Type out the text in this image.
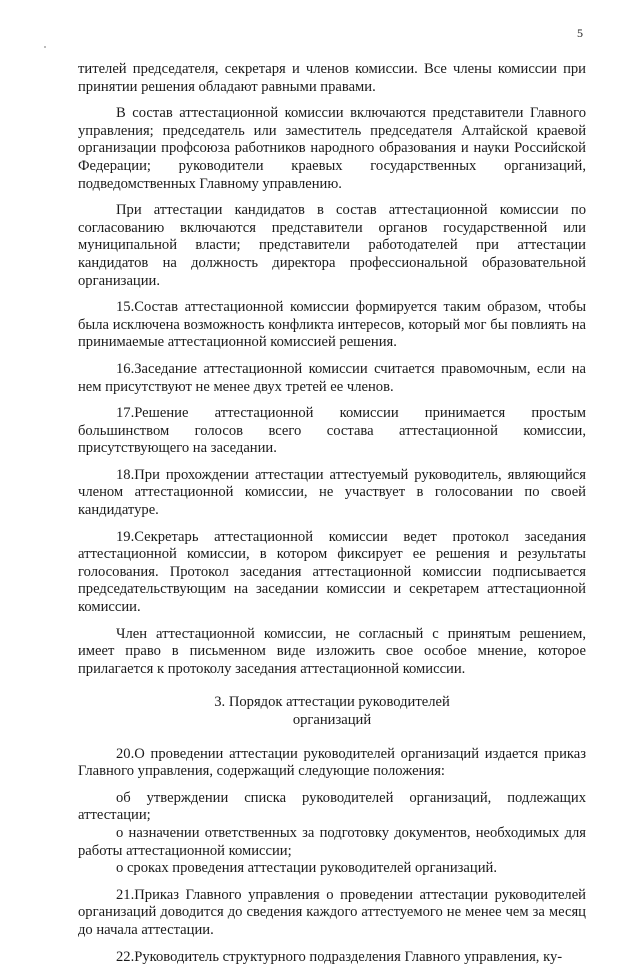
5

тителей председателя, секретаря и членов комиссии. Все члены комиссии при принятии решения обладают равными правами.

В состав аттестационной комиссии включаются представители Главного управления; председатель или заместитель председателя Алтайской краевой организации профсоюза работников народного образования и науки Российской Федерации; руководители краевых государственных организаций, подведомственных Главному управлению.

При аттестации кандидатов в состав аттестационной комиссии по согласованию включаются представители органов государственной или муниципальной власти; представители работодателей при аттестации кандидатов на должность директора профессиональной образовательной организации.

15.Состав аттестационной комиссии формируется таким образом, чтобы была исключена возможность конфликта интересов, который мог бы повлиять на принимаемые аттестационной комиссией решения.

16.Заседание аттестационной комиссии считается правомочным, если на нем присутствуют не менее двух третей ее членов.

17.Решение аттестационной комиссии принимается простым большинством голосов всего состава аттестационной комиссии, присутствующего на заседании.

18.При прохождении аттестации аттестуемый руководитель, являющийся членом аттестационной комиссии, не участвует в голосовании по своей кандидатуре.

19.Секретарь аттестационной комиссии ведет протокол заседания аттестационной комиссии, в котором фиксирует ее решения и результаты голосования. Протокол заседания аттестационной комиссии подписывается председательствующим на заседании комиссии и секретарем аттестационной комиссии.

Член аттестационной комиссии, не согласный с принятым решением, имеет право в письменном виде изложить свое особое мнение, которое прилагается к протоколу заседания аттестационной комиссии.

3. Порядок аттестации руководителей
организаций

20.О проведении аттестации руководителей организаций издается приказ Главного управления, содержащий следующие положения:

об утверждении списка руководителей организаций, подлежащих аттестации;

о назначении ответственных за подготовку документов, необходимых для работы аттестационной комиссии;

о сроках проведения аттестации руководителей организаций.

21.Приказ Главного управления о проведении аттестации руководителей организаций доводится до сведения каждого аттестуемого не менее чем за месяц до начала аттестации.

22.Руководитель структурного подразделения Главного управления, ку-
